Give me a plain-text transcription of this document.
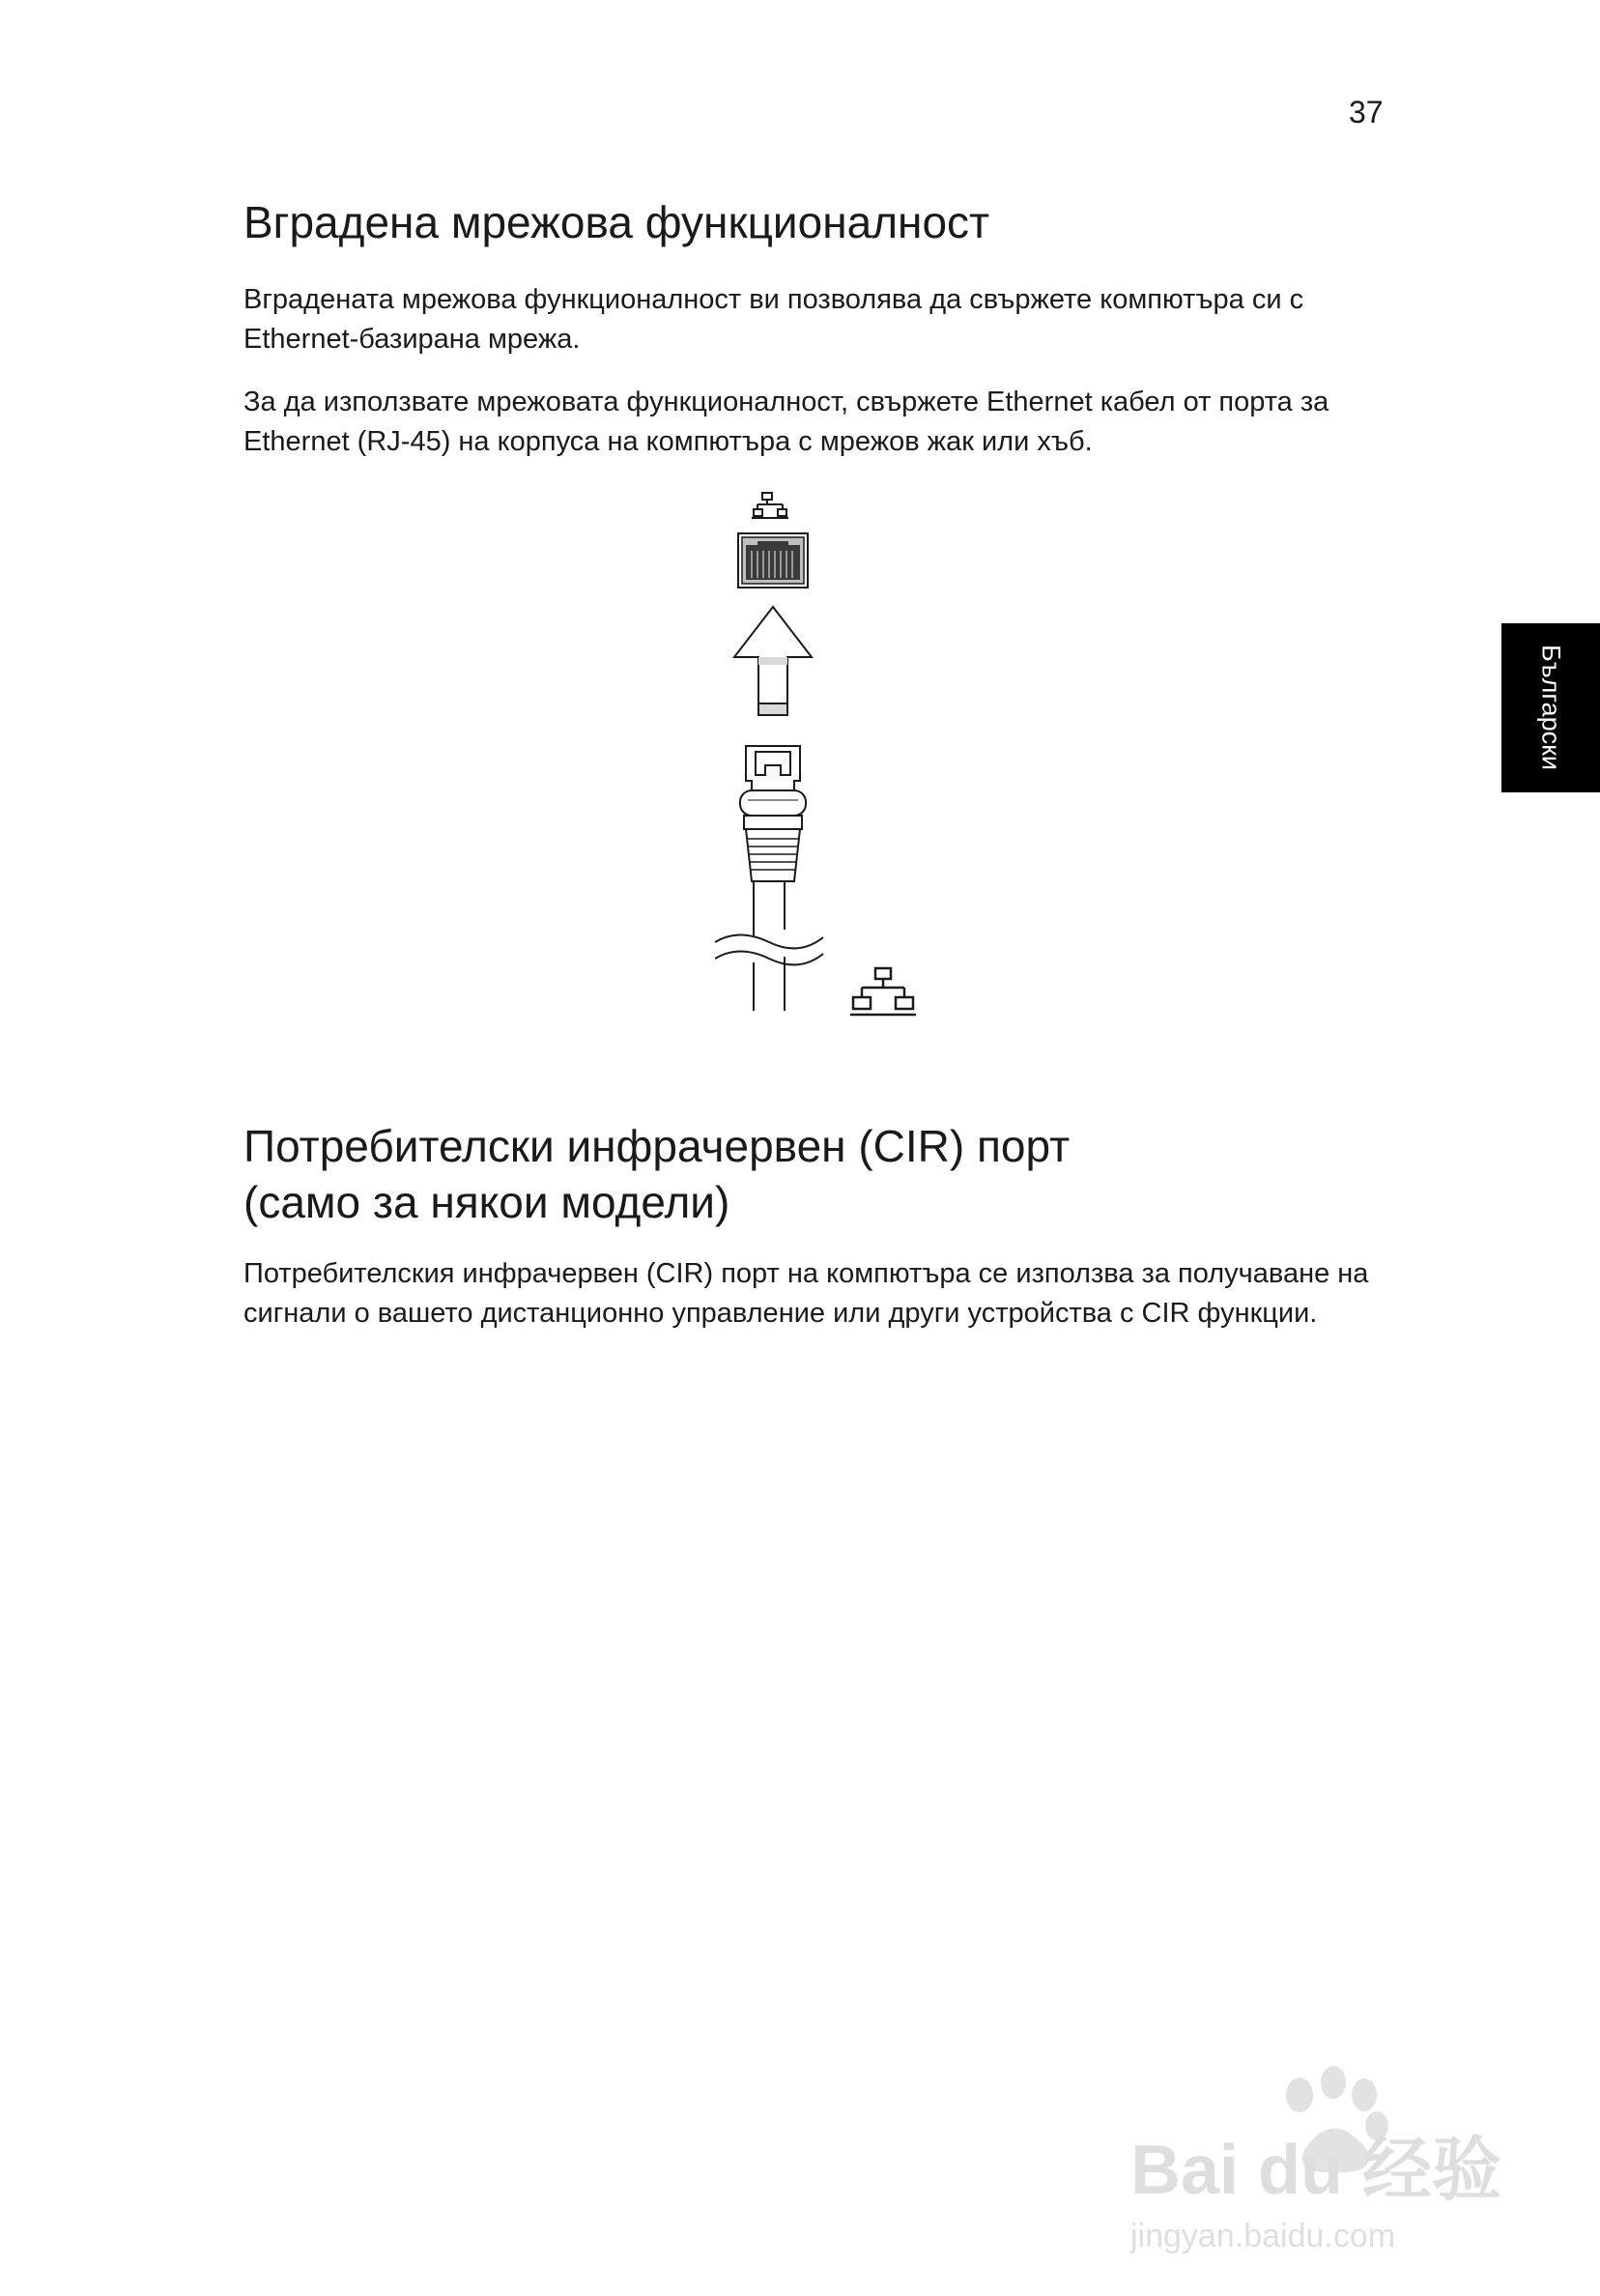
37
Вградена мрежова функционалност

Вградената мрежова функционалност ви позволява да свържете компютъра си с Ethernet-базирана мрежа.

За да използвате мрежовата функционалност, свържете Ethernet кабел от порта за Ethernet (RJ-45) на корпуса на компютъра с мрежов жак или хъб.

Български
Потребителски инфрачервен (CIR) порт
(само за някои модели)

Потребителския инфрачервен (CIR) порт на компютъра се използва за получаване на сигнали о вашето дистанционно управление или други устройства с CIR функции.

Bai du 经验
jingyan.baidu.com
